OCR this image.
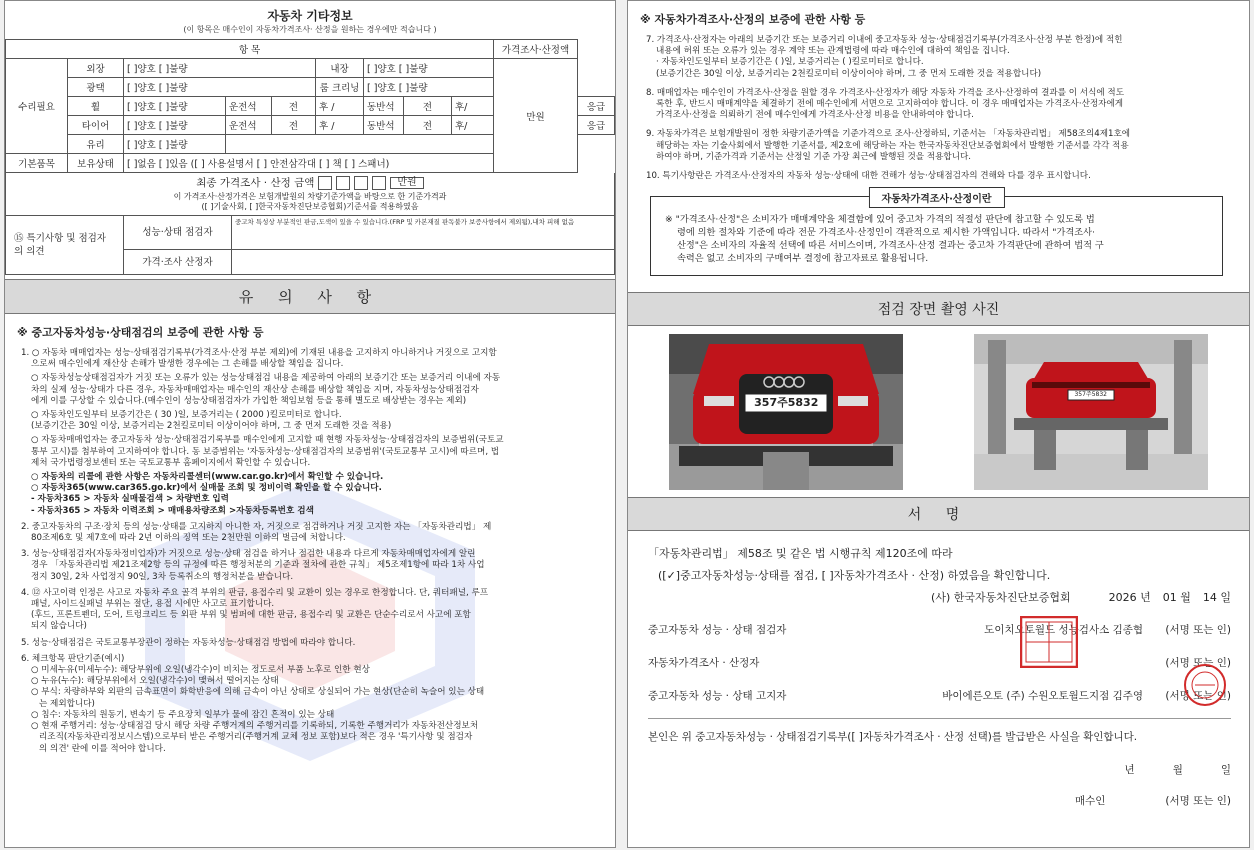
자동차 기타정보
(이 항목은 매수인이 자동차가격조사· 산정을 원하는 경우에만 적습니다 )
항 목									가격조사·산정액	
수리필요	외장	[ ]양호 [ ]불량			내장	[ ]양호 [ ]불량			만원	
	광택	[ ]양호 [ ]불량			룸 크리닝	[ ]양호 [ ]불량				
	휠	[ ]양호 [ ]불량	운전석	전	후 /	동반석	전	후/		응급
	타이어	[ ]양호 [ ]불량	운전석	전	후 /	동반석	전	후/		응급
	유리	[ ]양호 [ ]불량								
기본품목	보유상태	[ ]없음 [ ]있음 ([ ] 사용설명서 [ ] 안전삼각대 [ ] 책 [ ] 스패너)								
최종 가격조사 · 산정 금액	만원
이 가격조사·산정가격은 보험개발원의 차량기준가액을 바탕으로 한 기준가격과
([ ]기술사회, [ ]한국자동차진단보증협회)기준서를 적용하였음
⑮ 특기사항 및 점검자의 의견
성능·상태 점검자
중고차 특성상 부분적인 판금,도색이 있을 수 있습니다.(FRP 및 카본재질 판독불가 보증사항에서 제외됨),내차 피해 없음
가격·조사 산정자
유 의 사 항
※ 중고자동차성능·상태점검의 보증에 관한 사항 등

1. ○ 자동차 매매업자는 성능·상태점검기록부(가격조사·산정 부분 제외)에 기재된 내용을 고지하지 아니하거나 거짓으로 고지함

으로써 매수인에게 재산상 손해가 발생한 경우에는 그 손해를 배상할 책임을 집니다.

○ 자동차성능상태점검자가 거짓 또는 오류가 있는 성능상태점검 내용을 제공하여 아래의 보증기간 또는 보증거리 이내에 자동

차의 실제 성능·상태가 다른 경우, 자동차매매업자는 매수인의 재산상 손해를 배상할 책임을 지며, 자동차성능상태점검자

에게 이를 구상할 수 있습니다.(매수인이 성능상태점검자가 가입한 책임보험 등을 통해 별도로 배상받는 경우는 제외)

○ 자동차인도일부터 보증기간은 ( 30 )일, 보증거리는 ( 2000 )킬로미터로 합니다.

(보증기간은 30일 이상, 보증거리는 2천킬로미터 이상이어야 하며, 그 중 먼저 도래한 것을 적용)

○ 자동차매매업자는 중고자동차 성능·상태점검기록부를 매수인에게 고지할 때 현행 자동차성능·상태점검자의 보증범위(국토교

통부 고시)를 첨부하여 고지하여야 합니다. 동 보증범위는 '자동차성능·상태점검자의 보증범위'(국토교통부 고시)에 따르며, 법

제처 국가법령정보센터 또는 국토교통부 홈페이지에서 확인할 수 있습니다.

○ 자동차의 리콜에 관한 사항은 자동차리콜센터(www.car.go.kr)에서 확인할 수 있습니다.

○ 자동차365(www.car365.go.kr)에서 실매물 조회 및 정비이력 확인을 할 수 있습니다.

- 자동차365 > 자동차 실매물검색 > 차량번호 입력

- 자동차365 > 자동차 이력조회 > 매매용차량조회 >자동차등록번호 검색

2. 중고자동차의 구조·장치 등의 성능·상태를 고지하지 아니한 자, 거짓으로 점검하거나 거짓 고지한 자는 「자동차관리법」 제

80조제6호 및 제7호에 따라 2년 이하의 징역 또는 2천만원 이하의 벌금에 처합니다.

3. 성능·상태점검자(자동차정비업자)가 거짓으로 성능·상태 점검을 하거나 점검한 내용과 다르게 자동차매매업자에게 알린

경우 「자동차관리법 제21조제2항 등의 규정에 따른 행정처분의 기준과 절차에 관한 규칙」 제5조제1항에 따라 1차 사업

정지 30일, 2차 사업정지 90일, 3차 등록취소의 행정처분을 받습니다.

4. ⑫ 사고이력 인정은 사고로 자동차 주요 골격 부위의 판금, 용접수리 및 교환이 있는 경우로 한정합니다. 단, 쿼터패널, 루프

패널, 사이드실패널 부위는 절단, 용접 시에만 사고로 표기합니다.

(후드, 프론트펜더, 도어, 트렁크리드 등 외판 부위 및 범퍼에 대한 판금, 용접수리 및 교환은 단순수리로서 사고에 포함

되지 않습니다)

5. 성능·상태점검은 국토교통부장관이 정하는 자동차성능·상태점검 방법에 따라야 합니다.

6. 체크항목 판단기준(예시)

○ 미세누유(미세누수): 해당부위에 오일(냉각수)이 비치는 정도로서 부품 노후로 인한 현상

○ 누유(누수): 해당부위에서 오일(냉각수)이 맺혀서 떨어지는 상태

○ 부식: 차량하부와 외판의 금속표면이 화학반응에 의해 금속이 아닌 상태로 상실되어 가는 현상(단순히 녹슬어 있는 상태

는 제외합니다)

○ 침수: 자동차의 원동기, 변속기 등 주요장치 일부가 물에 잠긴 흔적이 있는 상태

○ 현재 주행거리: 성능·상태점검 당시 해당 차량 주행거계의 주행거리를 기록하되, 기록한 주행거리가 자동차전산정보처

리조직(자동차관리정보시스템)으로부터 받은 주행거리(주행거계 교체 정보 포함)보다 적은 경우 '특기사항 및 점검자

의 의견' 란에 이를 적어야 합니다.

※ 자동차가격조사·산정의 보증에 관한 사항 등

7. 가격조사·산정자는 아래의 보증기간 또는 보증거리 이내에 중고자동차 성능·상태점검기록부(가격조사·산정 부분 한정)에 적힌

내용에 허위 또는 오류가 있는 경우 계약 또는 관계법령에 따라 매수인에 대하여 책임을 집니다.

· 자동차인도일부터 보증기간은 ( )일, 보증거리는 ( )킬로미터로 합니다.

(보증기간은 30일 이상, 보증거리는 2천킬로미터 이상이어야 하며, 그 중 먼저 도래한 것을 적용합니다)

8. 매매업자는 매수인이 가격조사·산정을 원할 경우 가격조사·산정자가 해당 자동차 가격을 조사·산정하여 결과를 이 서식에 적도

록한 후, 반드시 매매계약을 체결하기 전에 매수인에게 서면으로 고지하여야 합니다. 이 경우 매매업자는 가격조사·산정자에게

가격조사·산정을 의뢰하기 전에 매수인에게 가격조사·산정 비용을 안내하여야 합니다.

9. 자동차가격은 보험개발원이 정한 차량기준가액을 기준가격으로 조사·산정하되, 기준서는 「자동차관리법」 제58조의4제1호에

해당하는 자는 기술사회에서 발행한 기준서를, 제2호에 해당하는 자는 한국자동차진단보증협회에서 발행한 기준서를 각각 적용

하여야 하며, 기준가격과 기준서는 산정일 기준 가장 최근에 발행된 것을 적용합니다.

10. 특기사항란은 가격조사·산정자의 자동차 성능·상태에 대한 견해가 성능·상태점검자의 견해와 다를 경우 표시합니다.

자동차가격조사·산정이란

※ "가격조사·산정"은 소비자가 매매계약을 체결함에 있어 중고차 가격의 적절성 판단에 참고할 수 있도록 법

령에 의한 절차와 기준에 따라 전문 가격조사·산정인이 객관적으로 제시한 가액입니다. 따라서 "가격조사·

산정"은 소비자의 자율적 선택에 따른 서비스이며, 가격조사·산정 결과는 중고차 가격판단에 관하여 법적 구

속력은 없고 소비자의 구매여부 결정에 참고자료로 활용됩니다.

점검 장면 촬영 사진
357주5832
357주5832
서 명
「자동차관리법」 제58조 및 같은 법 시행규칙 제120조에 따라
([✓]중고자동차성능·상태를 점검, [ ]자동차가격조사 · 산정) 하였음을 확인합니다.
(사) 한국자동차진단보증협회	2026 년 01 월 14 일
중고자동차 성능 · 상태 점검자	도이치오토월드 성능검사소 김종협	(서명 또는 인)
자동차가격조사 · 산정자	(서명 또는 인)
중고자동차 성능 · 상태 고지자	바이에른오토 (주) 수원오토월드지점 김주영	(서명 또는 인)
본인은 위 중고자동차성능 · 상태점검기록부([ ]자동차가격조사 · 산정 선택)를 발급받은 사실을 확인합니다.
년	월	일
매수인	(서명 또는 인)
